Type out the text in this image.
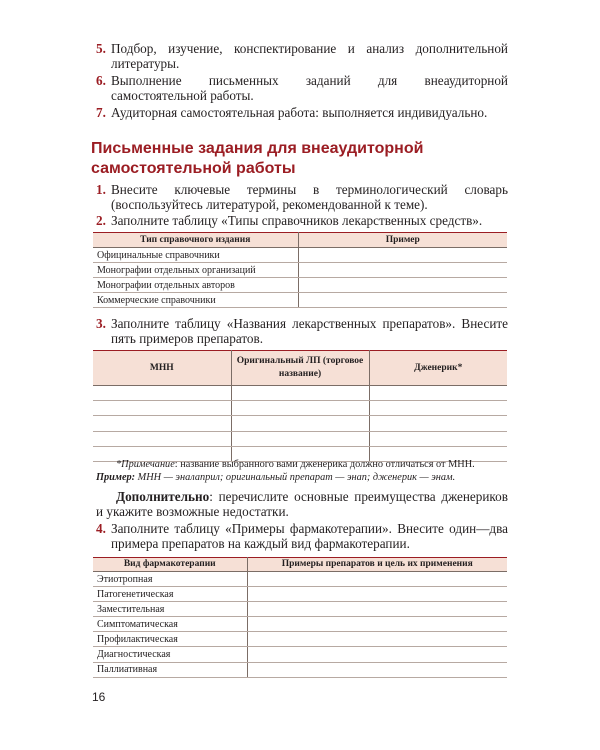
5. Подбор, изучение, конспектирование и анализ дополнительной литературы.
6. Выполнение письменных заданий для внеаудиторной самостоятельной работы.
7. Аудиторная самостоятельная работа: выполняется индивидуально.
Письменные задания для внеаудиторной
самостоятельной работы
1. Внесите ключевые термины в терминологический словарь (воспользуйтесь литературой, рекомендованной к теме).
2. Заполните таблицу «Типы справочников лекарственных средств».
Тип справочного издания	Пример
Официнальные справочники	
Монографии отдельных организаций	
Монографии отдельных авторов	
Коммерческие справочники	
3. Заполните таблицу «Названия лекарственных препаратов». Внесите пять примеров препаратов.
МНН	Оригинальный ЛП (торговое название)	Дженерик*

*Примечание: название выбранного вами дженерика должно отличаться от МНН.
Пример: МНН — эналаприл; оригинальный препарат — энап; дженерик — энам.
Дополнительно: перечислите основные преимущества дженериков и укажите возможные недостатки.
4. Заполните таблицу «Примеры фармакотерапии». Внесите один—два примера препаратов на каждый вид фармакотерапии.
Вид фармакотерапии	Примеры препаратов и цель их применения
Этиотропная	
Патогенетическая	
Заместительная	
Симптоматическая	
Профилактическая	
Диагностическая	
Паллиативная	
16
